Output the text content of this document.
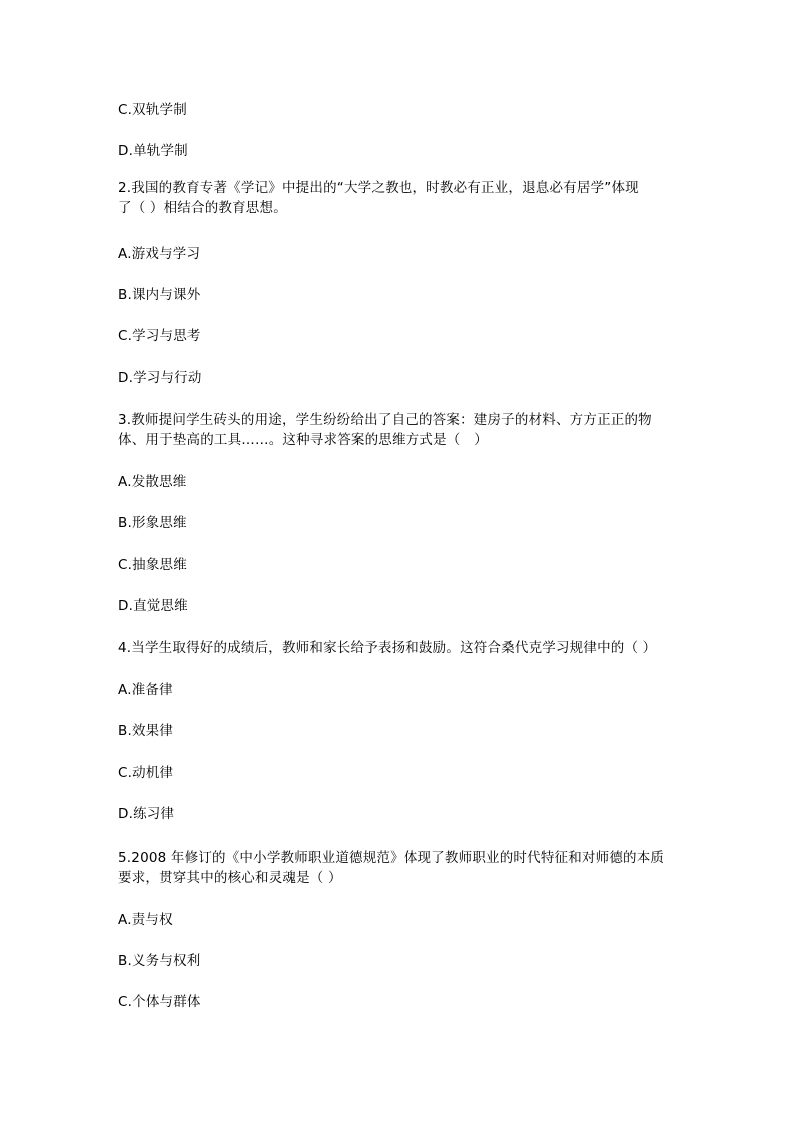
C.双轨学制
D.单轨学制
2.我国的教育专著《学记》中提出的“大学之教也，时教必有正业，退息必有居学”体现
了（ ）相结合的教育思想。
A.游戏与学习
B.课内与课外
C.学习与思考
D.学习与行动
3.教师提问学生砖头的用途，学生纷纷给出了自己的答案：建房子的材料、方方正正的物
体、用于垫高的工具……。这种寻求答案的思维方式是（　）
A.发散思维
B.形象思维
C.抽象思维
D.直觉思维
4.当学生取得好的成绩后，教师和家长给予表扬和鼓励。这符合桑代克学习规律中的（ ）
A.准备律
B.效果律
C.动机律
D.练习律
5.2008 年修订的《中小学教师职业道德规范》体现了教师职业的时代特征和对师德的本质
要求，贯穿其中的核心和灵魂是（ ）
A.责与权
B.义务与权利
C.个体与群体
